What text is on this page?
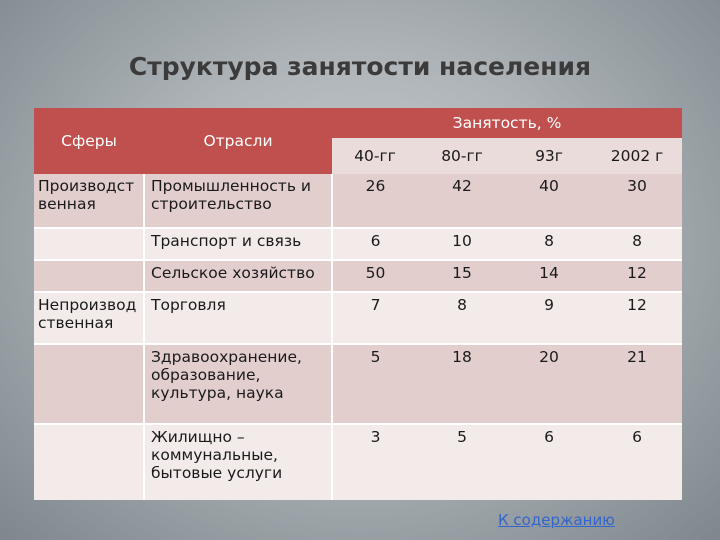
Структура занятости населения
Сферы	Отрасли	Занятость, %			
		40-гг	80-гг	93г	2002 г
Производственная	Промышленность и строительство	26	42	40	30
	Транспорт и связь	6	10	8	8
	Сельское хозяйство	50	15	14	12
Непроизводственная	Торговля	7	8	9	12
	Здравоохранение, образование, культура, наука	5	18	20	21
	Жилищно – коммунальные, бытовые услуги	3	5	6	6
К содержанию
